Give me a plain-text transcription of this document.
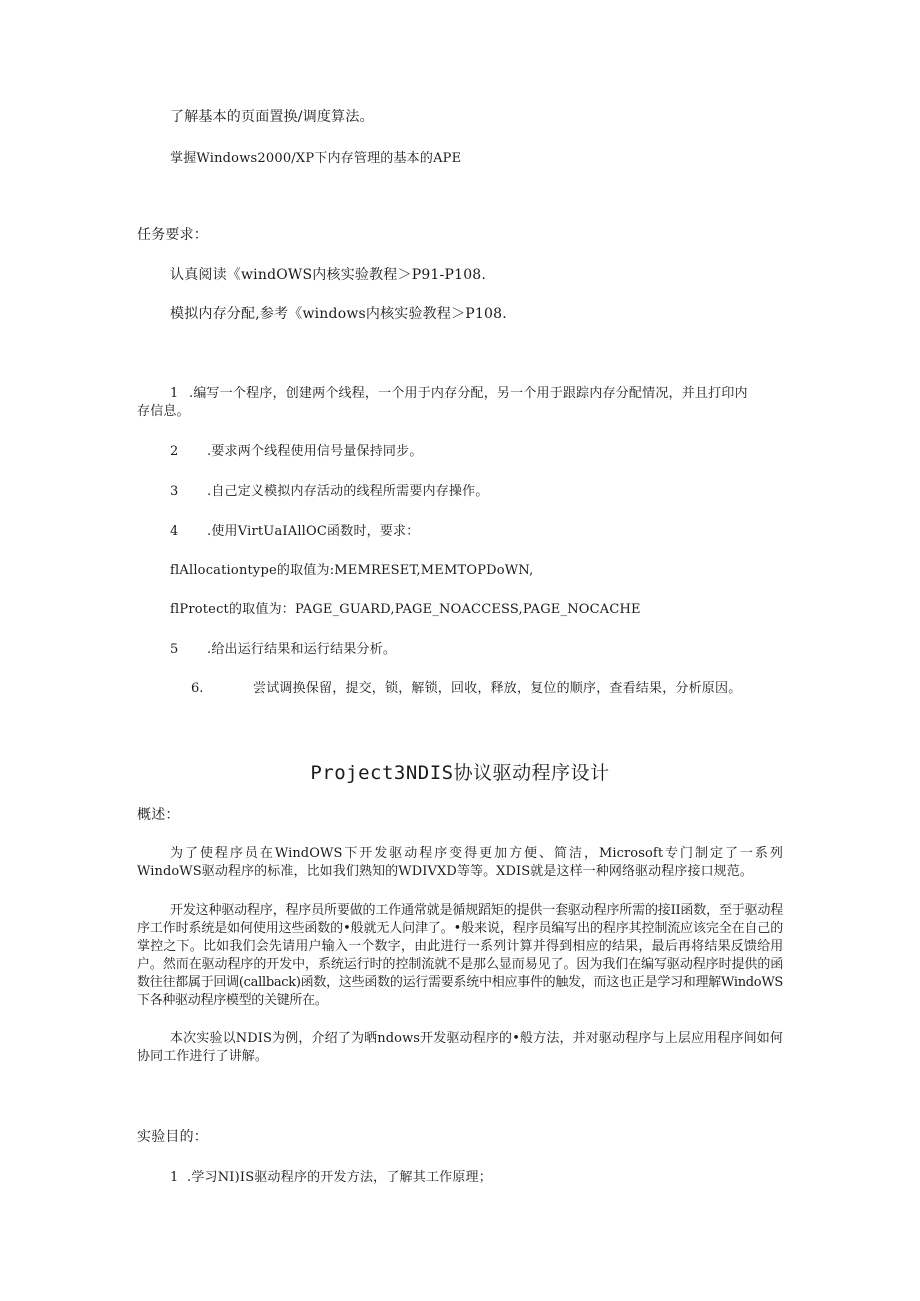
了解基本的页面置换/调度算法。
掌握Windows2000/XP下内存管理的基本的APE
任务要求：
认真阅读《windOWS内核实验教程＞P91-P108.
模拟内存分配,参考《windows内核实验教程＞P108.
1 .编写一个程序，创建两个线程，一个用于内存分配，另一个用于跟踪内存分配情况，并且打印内
存信息。
2 .要求两个线程使用信号量保持同步。
3 .自己定义模拟内存活动的线程所需要内存操作。
4 .使用VirtUaIAllOC函数时，要求：
flAllocationtype的取值为:MEMRESET,MEMTOPDoWN,
flProtect的取值为：PAGE_GUARD,PAGE_NOACCESS,PAGE_NOCACHE
5 .给出运行结果和运行结果分析。
6.	尝试调换保留，提交，锁，解锁，回收，释放，复位的顺序，查看结果，分析原因。
Project3NDIS协议驱动程序设计
概述：
为了使程序员在WindOWS下开发驱动程序变得更加方便、简洁，Microsoft专门制定了一系列WindoWS驱动程序的标准，比如我们熟知的WDIVXD等等。XDIS就是这样一种网络驱动程序接口规范。
开发这种驱动程序，程序员所要做的工作通常就是循规蹈矩的提供一套驱动程序所需的接II函数，至于驱动程序工作时系统是如何使用这些函数的•般就无人问津了。•般来说，程序员编写出的程序其控制流应该完全在自己的掌控之下。比如我们会先请用户输入一个数字，由此进行一系列计算并得到相应的结果，最后再将结果反馈给用户。然而在驱动程序的开发中，系统运行时的控制流就不是那么显而易见了。因为我们在编写驱动程序时提供的函数往往都属于回调(callback)函数，这些函数的运行需要系统中相应事件的触发，而这也正是学习和理解WindoWS下各种驱动程序模型的关键所在。
本次实验以NDIS为例，介绍了为晒ndows开发驱动程序的•般方法，并对驱动程序与上层应用程序间如何协同工作进行了讲解。
实验目的：
1 .学习NI)IS驱动程序的开发方法，了解其工作原理；
